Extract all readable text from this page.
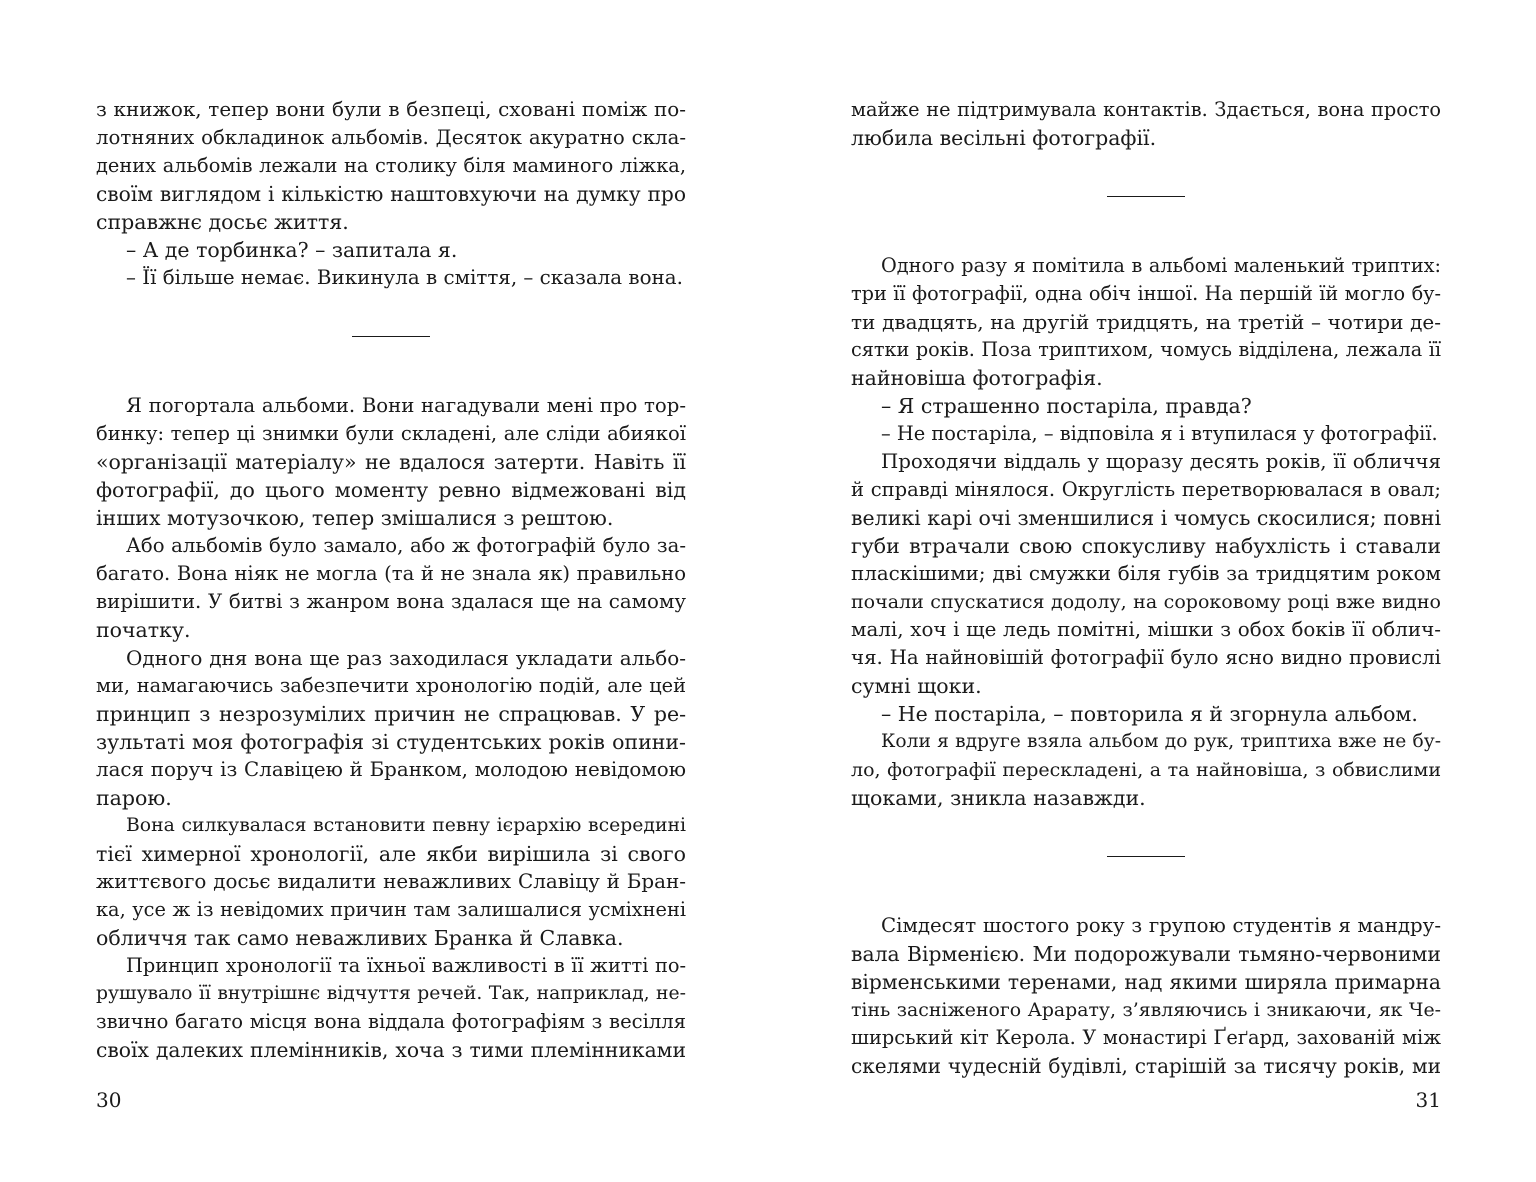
з книжок, тепер вони були в безпеці, сховані поміж по-
лотняних обкладинок альбомів. Десяток акуратно скла-
дених альбомів лежали на столику біля маминого ліжка,
своїм виглядом і кількістю наштовхуючи на думку про
справжнє досьє життя.
– А де торбинка? – запитала я.
– Її більше немає. Викинула в сміття, – сказала вона.
Я погортала альбоми. Вони нагадували мені про тор-
бинку: тепер ці знимки були складені, але сліди абиякої
«організації матеріалу» не вдалося затерти. Навіть її
фотографії, до цього моменту ревно відмежовані від
інших мотузочкою, тепер змішалися з рештою.
Або альбомів було замало, або ж фотографій було за-
багато. Вона ніяк не могла (та й не знала як) правильно
вирішити. У битві з жанром вона здалася ще на самому
початку.
Одного дня вона ще раз заходилася укладати альбо-
ми, намагаючись забезпечити хронологію подій, але цей
принцип з незрозумілих причин не спрацював. У ре-
зультаті моя фотографія зі студентських років опини-
лася поруч із Славіцею й Бранком, молодою невідомою
парою.
Вона силкувалася встановити певну ієрархію всередині
тієї химерної хронології, але якби вирішила зі свого
життєвого досьє видалити неважливих Славіцу й Бран-
ка, усе ж із невідомих причин там залишалися усміхнені
обличчя так само неважливих Бранка й Славка.
Принцип хронології та їхньої важливості в її житті по-
рушувало її внутрішнє відчуття речей. Так, наприклад, не-
звично багато місця вона віддала фотографіям з весілля
своїх далеких племінників, хоча з тими племінниками
30
майже не підтримувала контактів. Здається, вона просто
любила весільні фотографії.
Одного разу я помітила в альбомі маленький триптих:
три її фотографії, одна обіч іншої. На першій їй могло бу-
ти двадцять, на другій тридцять, на третій – чотири де-
сятки років. Поза триптихом, чомусь відділена, лежала її
найновіша фотографія.
– Я страшенно постаріла, правда?
– Не постаріла, – відповіла я і втупилася у фотографії.
Проходячи віддаль у щоразу десять років, її обличчя
й справді мінялося. Округлість перетворювалася в овал;
великі карі очі зменшилися і чомусь скосилися; повні
губи втрачали свою спокусливу набухлість і ставали
пласкішими; дві смужки біля губів за тридцятим роком
почали спускатися додолу, на сороковому році вже видно
малі, хоч і ще ледь помітні, мішки з обох боків її облич-
чя. На найновішій фотографії було ясно видно провислі
сумні щоки.
– Не постаріла, – повторила я й згорнула альбом.
Коли я вдруге взяла альбом до рук, триптиха вже не бу-
ло, фотографії перескладені, а та найновіша, з обвислими
щоками, зникла назавжди.
Сімдесят шостого року з групою студентів я мандру-
вала Вірменією. Ми подорожували тьмяно-червоними
вірменськими теренами, над якими ширяла примарна
тінь засніженого Арарату, з’являючись і зникаючи, як Че-
ширський кіт Керола. У монастирі Ґеґард, захованій між
скелями чудесній будівлі, старішій за тисячу років, ми
31
